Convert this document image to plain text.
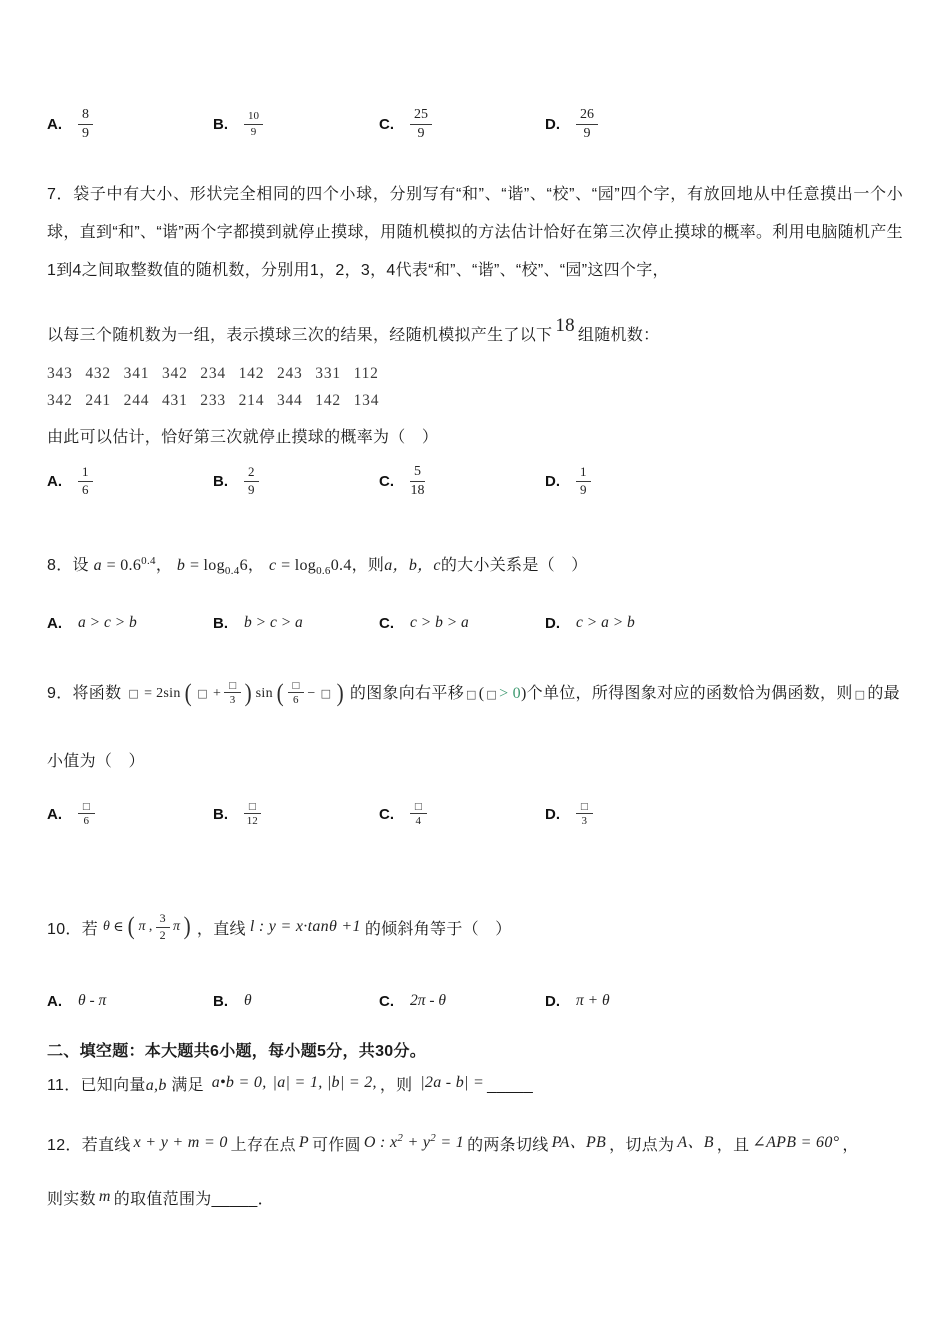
A. $\frac{8}{9}$	B. $\frac{10}{9}$	C. $\frac{25}{9}$	D. $\frac{26}{9}$
7．袋子中有大小、形状完全相同的四个小球，分别写有“和”、“谐”、“校”、“园”四个字，有放回地从中任意摸出一个小球，直到“和”、“谐”两个字都摸到就停止摸球，用随机模拟的方法估计恰好在第三次停止摸球的概率。利用电脑随机产生1到4之间取整数值的随机数，分别用1，2，3，4代表“和”、“谐”、“校”、“园”这四个字，
以每三个随机数为一组，表示摸球三次的结果，经随机模拟产生了以下 18 组随机数：
343 432 341 342 234 142 243 331 112
342 241 244 431 233 214 344 142 134
由此可以估计，恰好第三次就停止摸球的概率为（　）
A. $\frac{1}{6}$	B. $\frac{2}{9}$	C. $\frac{5}{18}$	D. $\frac{1}{9}$
8．设 $a = 0.6^{0.4}$， $b = \log_{0.4}6$， $c = \log_{0.6}0.4$，则a，b，c的大小关系是（　）
A. a > c > b	B. b > c > a	C. c > b > a	D. c > a > b
9．将函数 □ = 2sin ( □ + $\frac{□}{3}$ ) sin ( $\frac{□}{6}$ − □ ) 的图象向右平移 □ ( □ > 0)个单位，所得图象对应的函数恰为偶函数，则 □ 的最
小值为（　）
A. $\frac{□}{6}$	B. $\frac{□}{12}$	C. $\frac{□}{4}$	D. $\frac{□}{3}$
10．若 θ ∈ ( π , $\frac{3}{2}$ π ) ，直线 l : y = x·tanθ +1 的倾斜角等于（　）
A. θ - π	B. θ	C. 2π - θ	D. π + θ
二、填空题：本大题共6小题，每小题5分，共30分。
11．已知向量a,b 满足 a•b = 0, |a| = 1, |b| = 2, ，则 |2a - b| = _____
12．若直线 x + y + m = 0 上存在点 P 可作圆 O : $x^2 + y^2 = 1$ 的两条切线 PA、PB ，切点为 A、B ，且 ∠APB = 60° ，
则实数 m 的取值范围为_____．
